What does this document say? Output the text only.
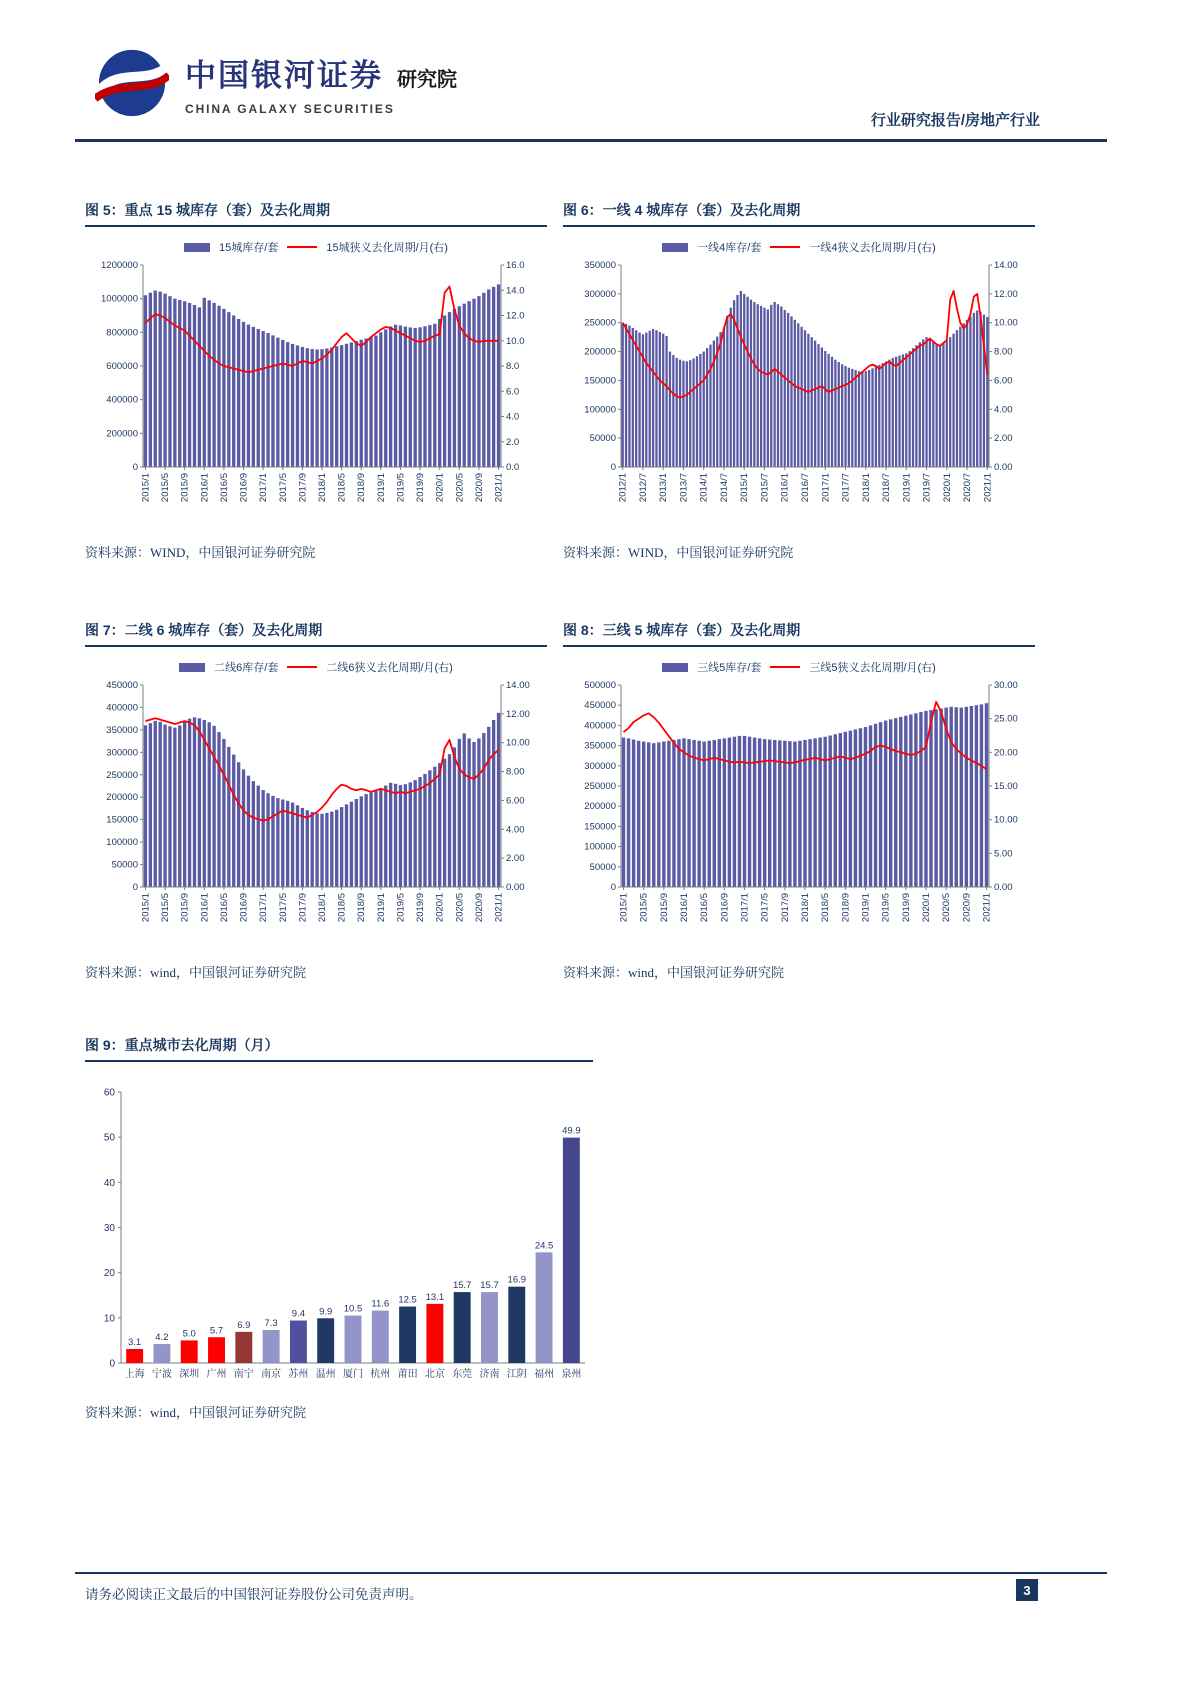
中国银河证券 研究院
CHINA GALAXY SECURITIES
行业研究报告/房地产行业
图 5：重点 15 城库存（套）及去化周期
15城库存/套	15城狭义去化周期/月(右)
0
200000
400000
600000
800000
1000000
1200000
0.0
2.0
4.0
6.0
8.0
10.0
12.0
14.0
16.0
2015/1 2015/5 2015/9 2016/1 2016/5 2016/9 2017/1 2017/5 2017/9 2018/1 2018/5 2018/9 2019/1 2019/5 2019/9 2020/1 2020/5 2020/9 2021/1
资料来源：WIND，中国银河证券研究院
图 6：一线 4 城库存（套）及去化周期
一线4库存/套	一线4狭义去化周期/月(右)
0
50000
100000
150000
200000
250000
300000
350000
0.00
2.00
4.00
6.00
8.00
10.00
12.00
14.00
2012/1 2012/7 2013/1 2013/7 2014/1 2014/7 2015/1 2015/7 2016/1 2016/7 2017/1 2017/7 2018/1 2018/7 2019/1 2019/7 2020/1 2020/7 2021/1
资料来源：WIND，中国银河证券研究院
图 7：二线 6 城库存（套）及去化周期
二线6库存/套	二线6狭义去化周期/月(右)
0
50000
100000
150000
200000
250000
300000
350000
400000
450000
0.00
2.00
4.00
6.00
8.00
10.00
12.00
14.00
2015/1 2015/5 2015/9 2016/1 2016/5 2016/9 2017/1 2017/5 2017/9 2018/1 2018/5 2018/9 2019/1 2019/5 2019/9 2020/1 2020/5 2020/9 2021/1
资料来源：wind，中国银河证券研究院
图 8：三线 5 城库存（套）及去化周期
三线5库存/套	三线5狭义去化周期/月(右)
0
50000
100000
150000
200000
250000
300000
350000
400000
450000
500000
0.00
5.00
10.00
15.00
20.00
25.00
30.00
2015/1 2015/5 2015/9 2016/1 2016/5 2016/9 2017/1 2017/5 2017/9 2018/1 2018/5 2018/9 2019/1 2019/5 2019/9 2020/1 2020/5 2020/9 2021/1
资料来源：wind，中国银河证券研究院
图 9：重点城市去化周期（月）
0
10
20
30
40
50
60
3.1 4.2 5.0 5.7 6.9 7.3
9.4 9.9 10.5 11.6 12.5 13.1
15.7 15.7 16.9
24.5
49.9
上海 宁波 深圳 广州 南宁 南京 苏州 温州 厦门 杭州 莆田 北京 东莞 济南 江阴 福州 泉州
资料来源：wind，中国银河证券研究院
请务必阅读正文最后的中国银河证券股份公司免责声明。	3
